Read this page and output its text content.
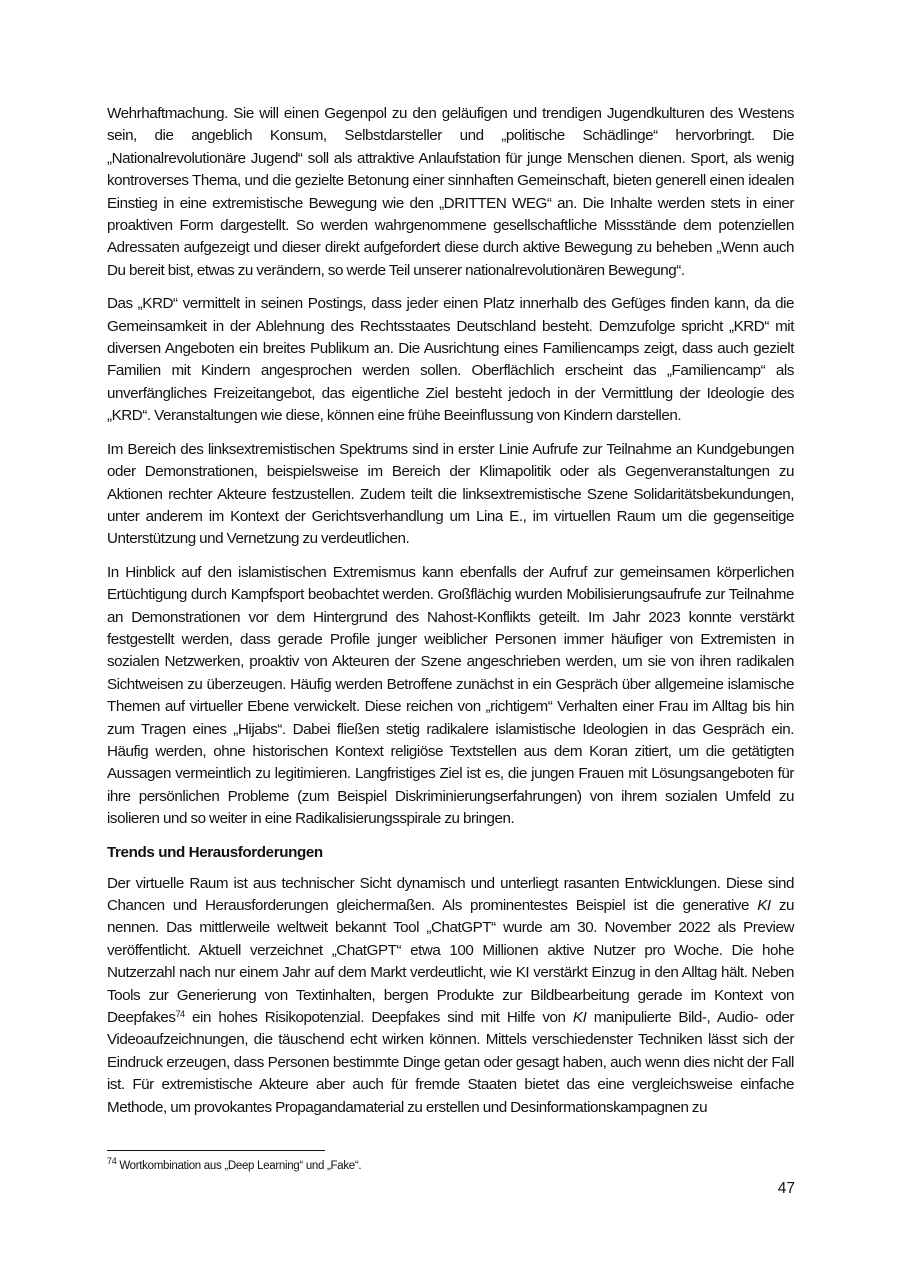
Wehrhaftmachung. Sie will einen Gegenpol zu den geläufigen und trendigen Jugendkulturen des Westens sein, die angeblich Konsum, Selbstdarsteller und „politische Schädlinge“ hervorbringt. Die „Nationalrevolutionäre Jugend“ soll als attraktive Anlaufstation für junge Menschen dienen. Sport, als wenig kontroverses Thema, und die gezielte Betonung einer sinnhaften Gemeinschaft, bieten generell einen idealen Einstieg in eine extremistische Bewegung wie den „DRITTEN WEG“ an. Die Inhalte werden stets in einer proaktiven Form dargestellt. So werden wahrgenommene gesellschaftliche Missstände dem potenziellen Adressaten aufgezeigt und dieser direkt aufgefordert diese durch aktive Bewegung zu beheben „Wenn auch Du bereit bist, etwas zu verändern, so werde Teil unserer nationalrevolutionären Bewegung“.

Das „KRD“ vermittelt in seinen Postings, dass jeder einen Platz innerhalb des Gefüges finden kann, da die Gemeinsamkeit in der Ablehnung des Rechtsstaates Deutschland besteht. Demzufolge spricht „KRD“ mit diversen Angeboten ein breites Publikum an. Die Ausrichtung eines Familiencamps zeigt, dass auch gezielt Familien mit Kindern angesprochen werden sollen. Oberflächlich erscheint das „Familiencamp“ als unverfängliches Freizeitangebot, das eigentliche Ziel besteht jedoch in der Vermittlung der Ideologie des „KRD“. Veranstaltungen wie diese, können eine frühe Beeinflussung von Kindern darstellen.

Im Bereich des linksextremistischen Spektrums sind in erster Linie Aufrufe zur Teilnahme an Kundgebungen oder Demonstrationen, beispielsweise im Bereich der Klimapolitik oder als Gegenveranstaltungen zu Aktionen rechter Akteure festzustellen. Zudem teilt die linksextremistische Szene Solidaritätsbekundungen, unter anderem im Kontext der Gerichtsverhandlung um Lina E., im virtuellen Raum um die gegenseitige Unterstützung und Vernetzung zu verdeutlichen.

In Hinblick auf den islamistischen Extremismus kann ebenfalls der Aufruf zur gemeinsamen körperlichen Ertüchtigung durch Kampfsport beobachtet werden. Großflächig wurden Mobilisierungsaufrufe zur Teilnahme an Demonstrationen vor dem Hintergrund des Nahost-Konflikts geteilt. Im Jahr 2023 konnte verstärkt festgestellt werden, dass gerade Profile junger weiblicher Personen immer häufiger von Extremisten in sozialen Netzwerken, proaktiv von Akteuren der Szene angeschrieben werden, um sie von ihren radikalen Sichtweisen zu überzeugen. Häufig werden Betroffene zunächst in ein Gespräch über allgemeine islamische Themen auf virtueller Ebene verwickelt. Diese reichen von „richtigem“ Verhalten einer Frau im Alltag bis hin zum Tragen eines „Hijabs“. Dabei fließen stetig radikalere islamistische Ideologien in das Gespräch ein. Häufig werden, ohne historischen Kontext religiöse Textstellen aus dem Koran zitiert, um die getätigten Aussagen vermeintlich zu legitimieren. Langfristiges Ziel ist es, die jungen Frauen mit Lösungsangeboten für ihre persönlichen Probleme (zum Beispiel Diskriminierungserfahrungen) von ihrem sozialen Umfeld zu isolieren und so weiter in eine Radikalisierungsspirale zu bringen.

Trends und Herausforderungen

Der virtuelle Raum ist aus technischer Sicht dynamisch und unterliegt rasanten Entwicklungen. Diese sind Chancen und Herausforderungen gleichermaßen. Als prominentestes Beispiel ist die generative KI zu nennen. Das mittlerweile weltweit bekannt Tool „ChatGPT“ wurde am 30. November 2022 als Preview veröffentlicht. Aktuell verzeichnet „ChatGPT“ etwa 100 Millionen aktive Nutzer pro Woche. Die hohe Nutzerzahl nach nur einem Jahr auf dem Markt verdeutlicht, wie KI verstärkt Einzug in den Alltag hält. Neben Tools zur Generierung von Textinhalten, bergen Produkte zur Bildbearbeitung gerade im Kontext von Deepfakes$^{74}$ ein hohes Risikopotenzial. Deepfakes sind mit Hilfe von KI manipulierte Bild-, Audio- oder Videoaufzeichnungen, die täuschend echt wirken können. Mittels verschiedenster Techniken lässt sich der Eindruck erzeugen, dass Personen bestimmte Dinge getan oder gesagt haben, auch wenn dies nicht der Fall ist. Für extremistische Akteure aber auch für fremde Staaten bietet das eine vergleichsweise einfache Methode, um provokantes Propagandamaterial zu erstellen und Desinformationskampagnen zu

$^{74}$ Wortkombination aus „Deep Learning“ und „Fake“.
47
